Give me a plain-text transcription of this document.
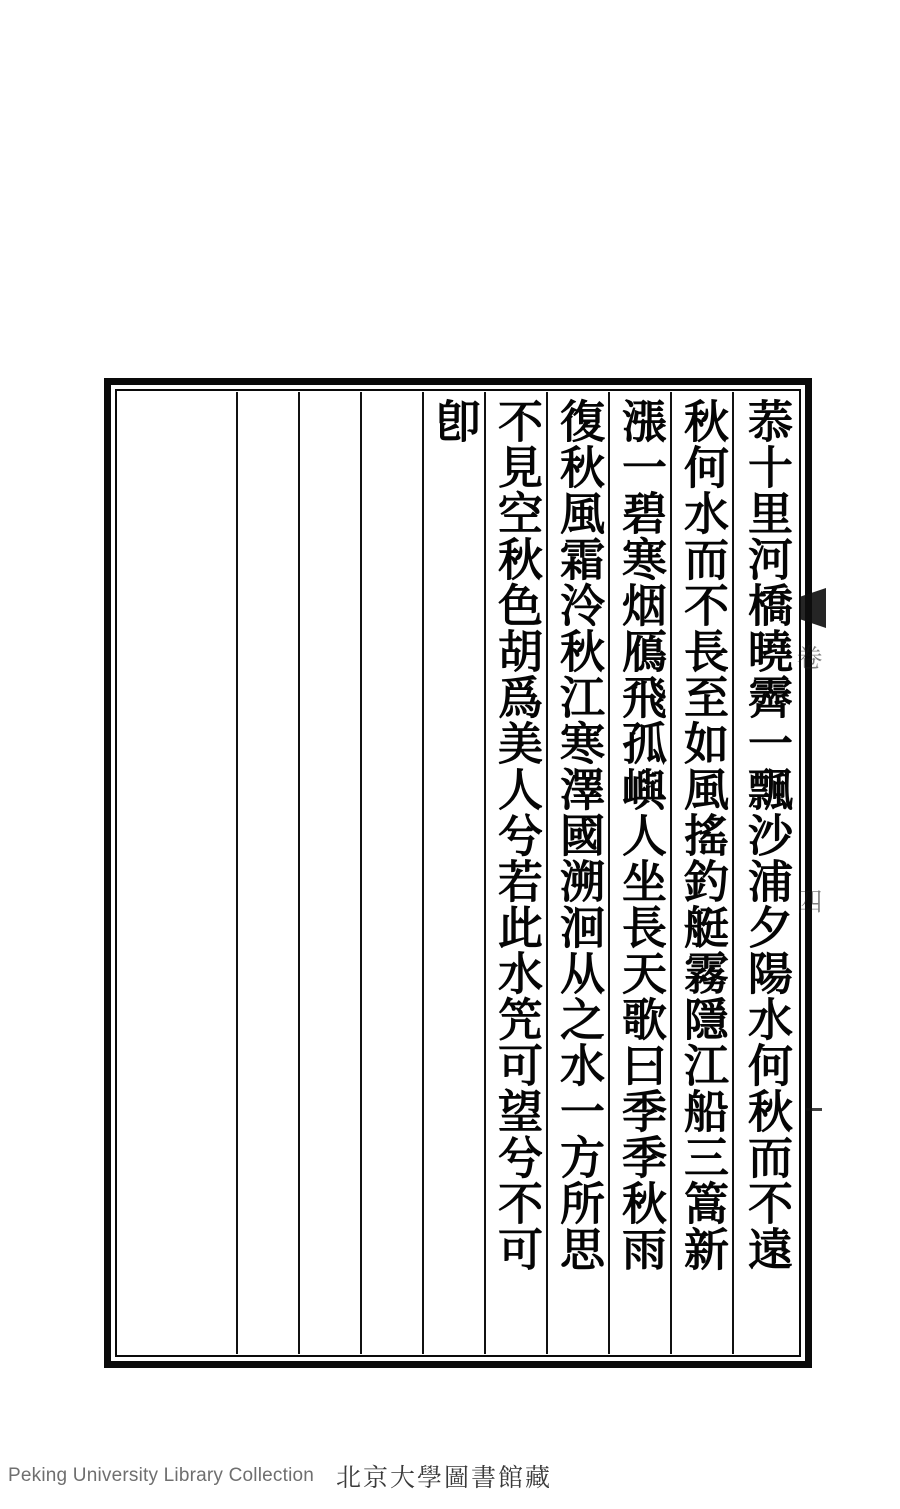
菾十里河橋曉霽一飄沙浦夕陽水何秋而不遠
秋何水而不長至如風搖釣艇霧隱江船三篙新
漲一碧寒烟鴈飛孤嶼人坐長天歌曰季季秋雨
復秋風霜泠秋江寒澤國溯洄从之水一方所思
不見空秋色胡爲美人兮若此水笐可望兮不可
卽
卷
四
Peking University Library Collection 北京大學圖書館藏
